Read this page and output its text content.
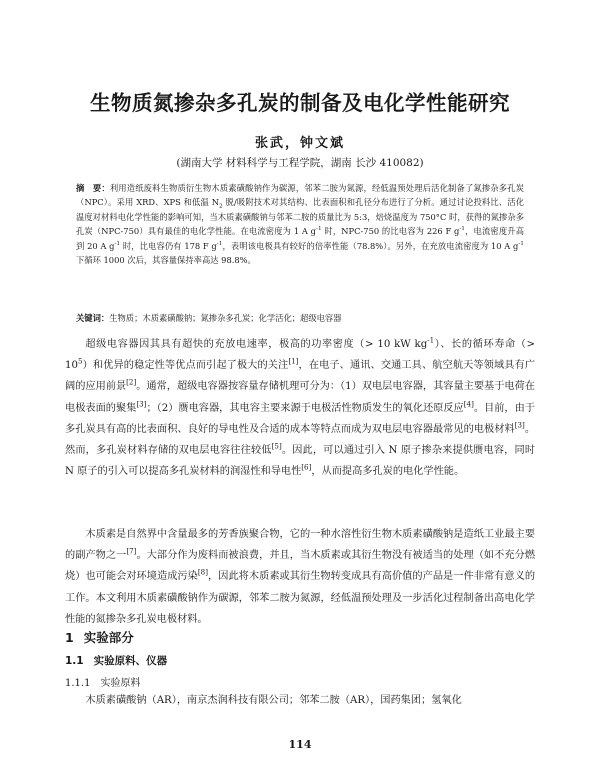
生物质氮掺杂多孔炭的制备及电化学性能研究
张武，钟文斌
(湖南大学 材料科学与工程学院，湖南 长沙 410082)
摘　要：利用造纸废料生物质衍生物木质素磺酸钠作为碳源，邻苯二胺为氮源，经低温预处理后活化制备了氮掺杂多孔炭（NPC）。采用 XRD、XPS 和低温 $N_2$ 脱/吸附技术对其结构、比表面积和孔径分布进行了分析。通过讨论投料比、活化温度对材料电化学性能的影响可知，当木质素磺酸钠与邻苯二胺的质量比为 5:3，焙烧温度为 750°C 时，获得的氮掺杂多孔炭（NPC-750）具有最佳的电化学性能。在电流密度为 1 A $g^{-1}$ 时，NPC-750 的比电容为 226 F $g^{-1}$，电流密度升高到 20 A $g^{-1}$ 时，比电容仍有 178 F $g^{-1}$，表明该电极具有较好的倍率性能（78.8%）。另外，在充放电流密度为 10 A $g^{-1}$ 下循环 1000 次后，其容量保持率高达 98.8%。
关键词：生物质；木质素磺酸钠；氮掺杂多孔炭；化学活化；超级电容器
超级电容器因其具有超快的充放电速率，极高的功率密度（> 10 kW $kg^{-1}$）、长的循环寿命（> $10^5$）和优异的稳定性等优点而引起了极大的关注[1]，在电子、通讯、交通工具、航空航天等领域具有广阔的应用前景[2]。通常，超级电容器按容量存储机理可分为：（1）双电层电容器，其容量主要基于电荷在电极表面的聚集[3]；（2）赝电容器，其电容主要来源于电极活性物质发生的氧化还原反应[4]。目前，由于多孔炭具有高的比表面积、良好的导电性及合适的成本等特点而成为双电层电容器最常见的电极材料[3]。然而，多孔炭材料存储的双电层电容往往较低[5]。因此，可以通过引入 N 原子掺杂来提供赝电容，同时 N 原子的引入可以提高多孔炭材料的润湿性和导电性[6]，从而提高多孔炭的电化学性能。
木质素是自然界中含量最多的芳香族聚合物，它的一种水溶性衍生物木质素磺酸钠是造纸工业最主要的副产物之一[7]。大部分作为废料而被浪费，并且，当木质素或其衍生物没有被适当的处理（如不充分燃烧）也可能会对环境造成污染[8]，因此将木质素或其衍生物转变成具有高价值的产品是一件非常有意义的工作。本文利用木质素磺酸钠作为碳源，邻苯二胺为氮源，经低温预处理及一步活化过程制备出高电化学性能的氮掺杂多孔炭电极材料。
1 实验部分
1.1 实验原料、仪器
1.1.1 实验原料
木质素磺酸钠（AR），南京杰润科技有限公司；邻苯二胺（AR），国药集团；氢氧化
114
